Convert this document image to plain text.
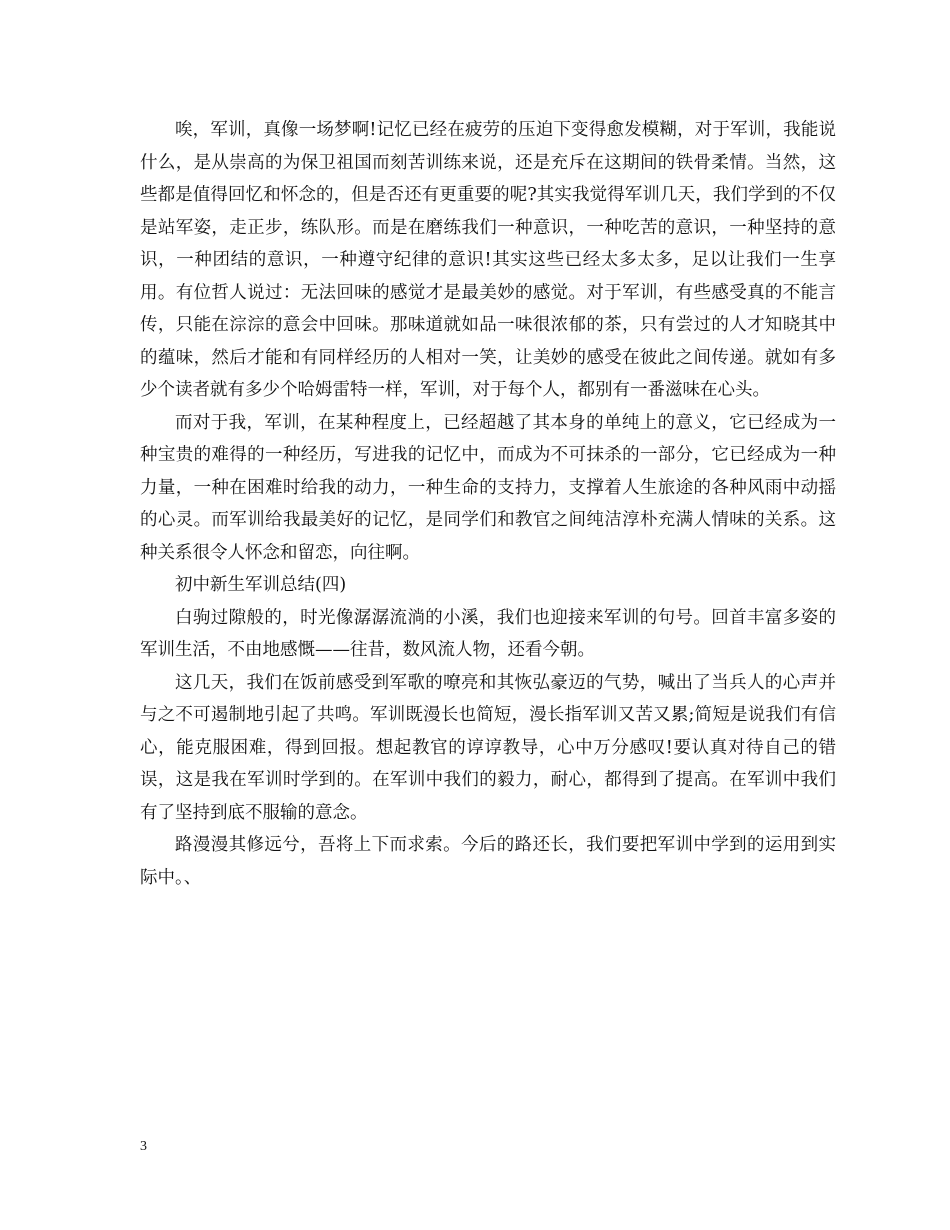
唉，军训，真像一场梦啊!记忆已经在疲劳的压迫下变得愈发模糊，对于军训，我能说什么，是从崇高的为保卫祖国而刻苦训练来说，还是充斥在这期间的铁骨柔情。当然，这些都是值得回忆和怀念的，但是否还有更重要的呢?其实我觉得军训几天，我们学到的不仅是站军姿，走正步，练队形。而是在磨练我们一种意识，一种吃苦的意识，一种坚持的意识，一种团结的意识，一种遵守纪律的意识!其实这些已经太多太多，足以让我们一生享用。有位哲人说过：无法回味的感觉才是最美妙的感觉。对于军训，有些感受真的不能言传，只能在淙淙的意会中回味。那味道就如品一味很浓郁的茶，只有尝过的人才知晓其中的蕴味，然后才能和有同样经历的人相对一笑，让美妙的感受在彼此之间传递。就如有多少个读者就有多少个哈姆雷特一样，军训，对于每个人，都别有一番滋味在心头。

而对于我，军训，在某种程度上，已经超越了其本身的单纯上的意义，它已经成为一种宝贵的难得的一种经历，写进我的记忆中，而成为不可抹杀的一部分，它已经成为一种力量，一种在困难时给我的动力，一种生命的支持力，支撑着人生旅途的各种风雨中动摇的心灵。而军训给我最美好的记忆，是同学们和教官之间纯洁淳朴充满人情味的关系。这种关系很令人怀念和留恋，向往啊。

初中新生军训总结(四)

白驹过隙般的，时光像潺潺流淌的小溪，我们也迎接来军训的句号。回首丰富多姿的军训生活，不由地感慨——往昔，数风流人物，还看今朝。

这几天，我们在饭前感受到军歌的嘹亮和其恢弘豪迈的气势，喊出了当兵人的心声并与之不可遏制地引起了共鸣。军训既漫长也简短，漫长指军训又苦又累;简短是说我们有信心，能克服困难，得到回报。想起教官的谆谆教导，心中万分感叹!要认真对待自己的错误，这是我在军训时学到的。在军训中我们的毅力，耐心，都得到了提高。在军训中我们有了坚持到底不服输的意念。

路漫漫其修远兮，吾将上下而求索。今后的路还长，我们要把军训中学到的运用到实际中。、

3
